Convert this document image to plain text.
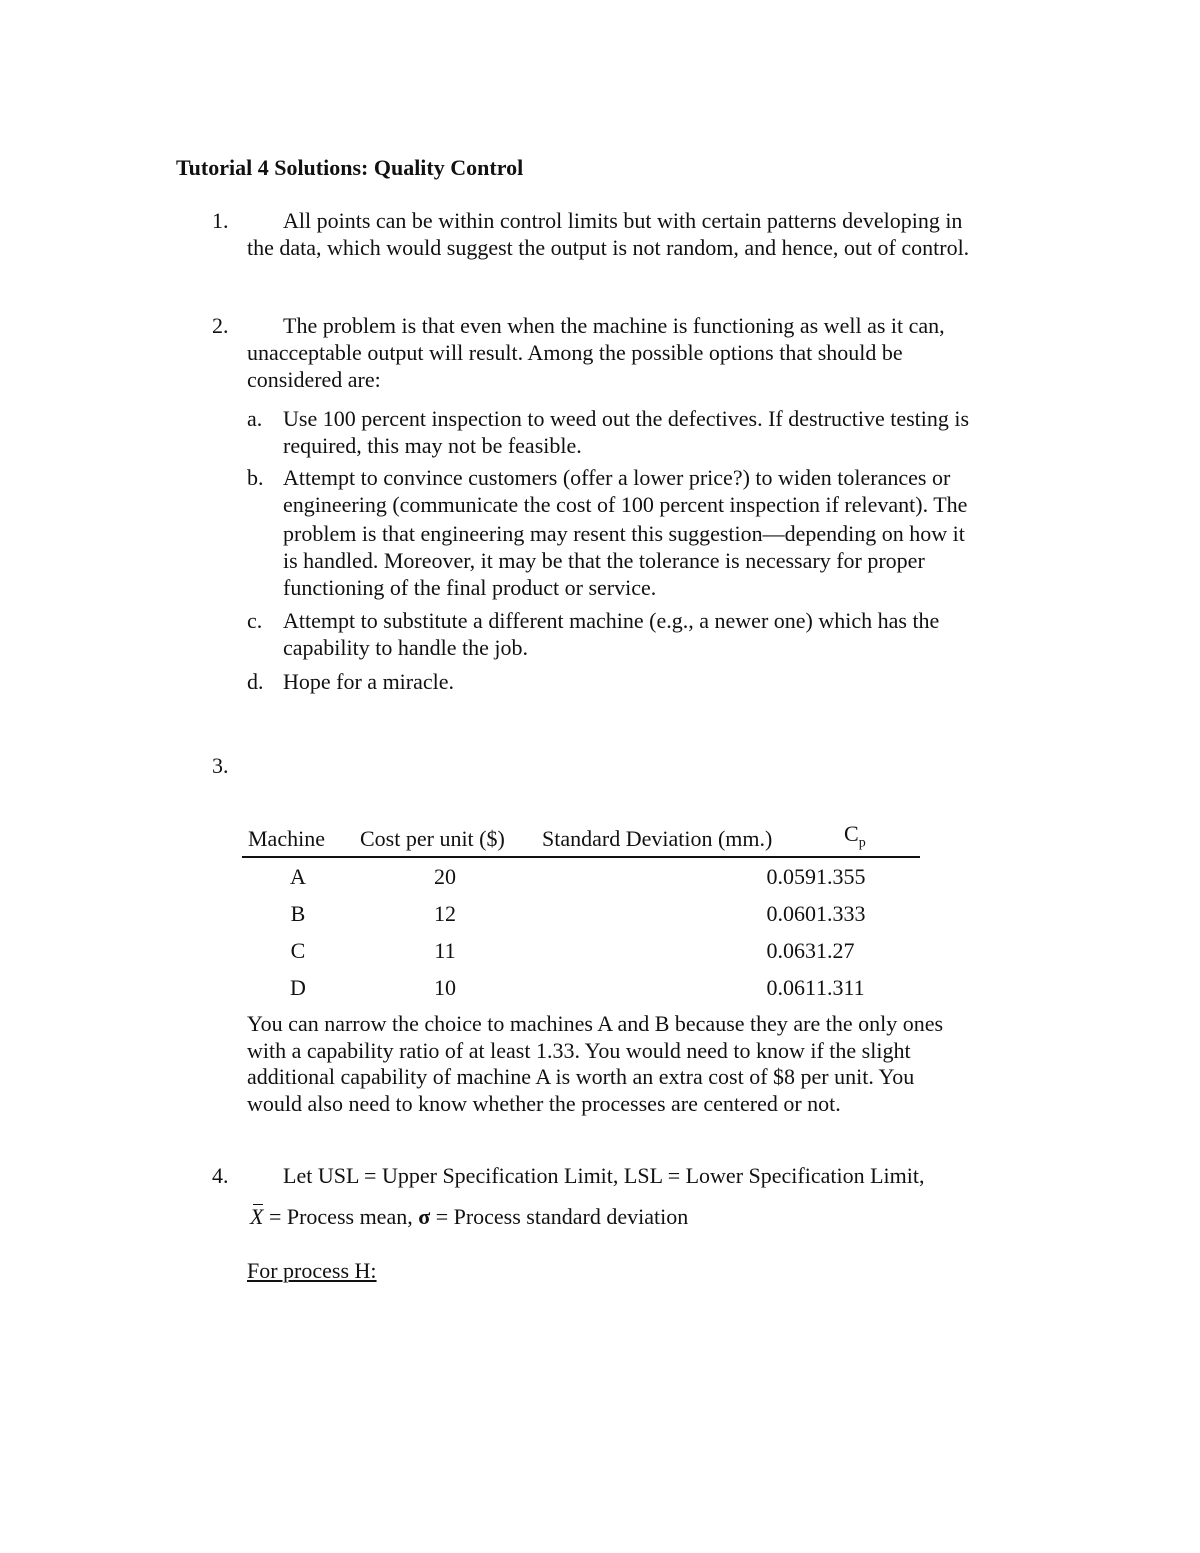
Tutorial 4 Solutions: Quality Control
1. All points can be within control limits but with certain patterns developing in
the data, which would suggest the output is not random, and hence, out of control.
2. The problem is that even when the machine is functioning as well as it can,
unacceptable output will result. Among the possible options that should be
considered are:
a. Use 100 percent inspection to weed out the defectives. If destructive testing is
required, this may not be feasible.
b. Attempt to convince customers (offer a lower price?) to widen tolerances or
engineering (communicate the cost of 100 percent inspection if relevant). The
problem is that engineering may resent this suggestion—depending on how it
is handled. Moreover, it may be that the tolerance is necessary for proper
functioning of the final product or service.
c. Attempt to substitute a different machine (e.g., a newer one) which has the
capability to handle the job.
d. Hope for a miracle.
3.
Machine	Cost per unit ($)	Standard Deviation (mm.)	$C_p$
A	20	0.059	1.355
B	12	0.060	1.333
C	11	0.063	1.27
D	10	0.061	1.311
You can narrow the choice to machines A and B because they are the only ones
with a capability ratio of at least 1.33. You would need to know if the slight
additional capability of machine A is worth an extra cost of $8 per unit. You
would also need to know whether the processes are centered or not.
4. Let USL = Upper Specification Limit, LSL = Lower Specification Limit,
X = Process mean, σ = Process standard deviation
For process H:
